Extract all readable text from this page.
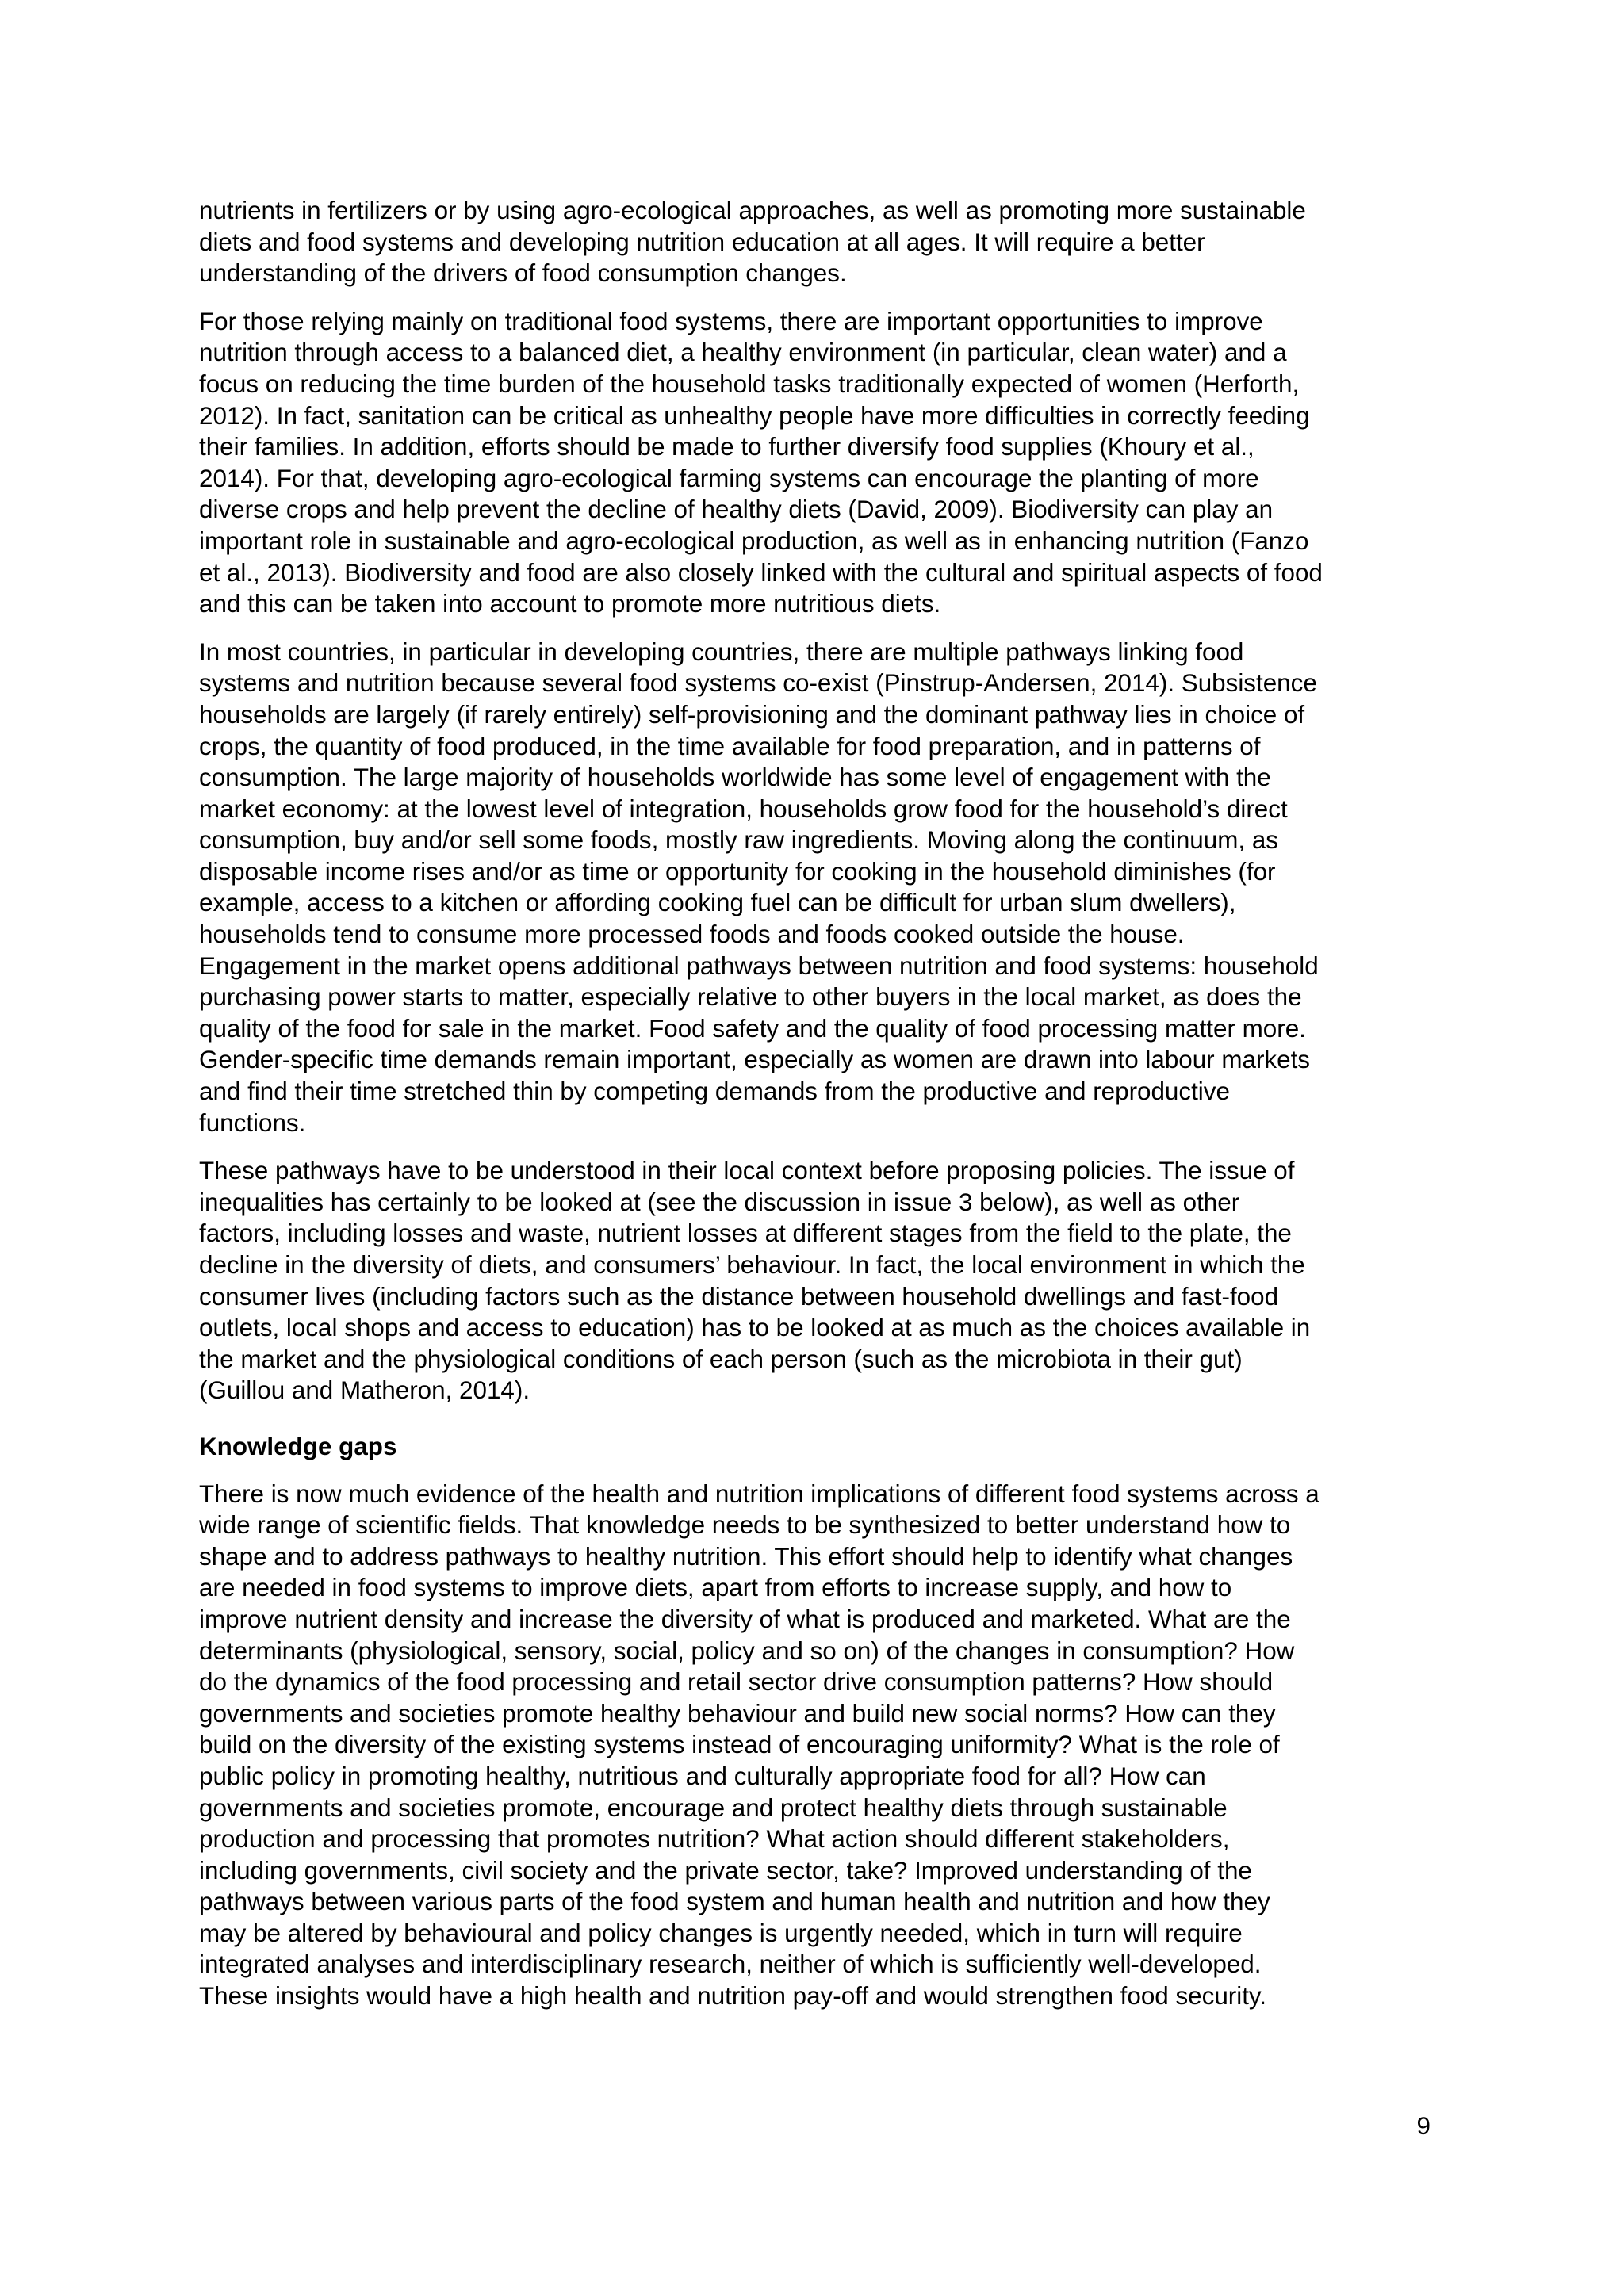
nutrients in fertilizers or by using agro-ecological approaches, as well as promoting more sustainable
diets and food systems and developing nutrition education at all ages. It will require a better
understanding of the drivers of food consumption changes.

For those relying mainly on traditional food systems, there are important opportunities to improve
nutrition through access to a balanced diet, a healthy environment (in particular, clean water) and a
focus on reducing the time burden of the household tasks traditionally expected of women (Herforth,
2012). In fact, sanitation can be critical as unhealthy people have more difficulties in correctly feeding
their families. In addition, efforts should be made to further diversify food supplies (Khoury et al.,
2014). For that, developing agro-ecological farming systems can encourage the planting of more
diverse crops and help prevent the decline of healthy diets (David, 2009). Biodiversity can play an
important role in sustainable and agro-ecological production, as well as in enhancing nutrition (Fanzo
et al., 2013). Biodiversity and food are also closely linked with the cultural and spiritual aspects of food
and this can be taken into account to promote more nutritious diets.

In most countries, in particular in developing countries, there are multiple pathways linking food
systems and nutrition because several food systems co-exist (Pinstrup-Andersen, 2014). Subsistence
households are largely (if rarely entirely) self-provisioning and the dominant pathway lies in choice of
crops, the quantity of food produced, in the time available for food preparation, and in patterns of
consumption. The large majority of households worldwide has some level of engagement with the
market economy: at the lowest level of integration, households grow food for the household’s direct
consumption, buy and/or sell some foods, mostly raw ingredients. Moving along the continuum, as
disposable income rises and/or as time or opportunity for cooking in the household diminishes (for
example, access to a kitchen or affording cooking fuel can be difficult for urban slum dwellers),
households tend to consume more processed foods and foods cooked outside the house.
Engagement in the market opens additional pathways between nutrition and food systems: household
purchasing power starts to matter, especially relative to other buyers in the local market, as does the
quality of the food for sale in the market. Food safety and the quality of food processing matter more.
Gender-specific time demands remain important, especially as women are drawn into labour markets
and find their time stretched thin by competing demands from the productive and reproductive
functions.

These pathways have to be understood in their local context before proposing policies. The issue of
inequalities has certainly to be looked at (see the discussion in issue 3 below), as well as other
factors, including losses and waste, nutrient losses at different stages from the field to the plate, the
decline in the diversity of diets, and consumers’ behaviour. In fact, the local environment in which the
consumer lives (including factors such as the distance between household dwellings and fast-food
outlets, local shops and access to education) has to be looked at as much as the choices available in
the market and the physiological conditions of each person (such as the microbiota in their gut)
(Guillou and Matheron, 2014).

Knowledge gaps

There is now much evidence of the health and nutrition implications of different food systems across a
wide range of scientific fields. That knowledge needs to be synthesized to better understand how to
shape and to address pathways to healthy nutrition. This effort should help to identify what changes
are needed in food systems to improve diets, apart from efforts to increase supply, and how to
improve nutrient density and increase the diversity of what is produced and marketed. What are the
determinants (physiological, sensory, social, policy and so on) of the changes in consumption? How
do the dynamics of the food processing and retail sector drive consumption patterns? How should
governments and societies promote healthy behaviour and build new social norms? How can they
build on the diversity of the existing systems instead of encouraging uniformity? What is the role of
public policy in promoting healthy, nutritious and culturally appropriate food for all? How can
governments and societies promote, encourage and protect healthy diets through sustainable
production and processing that promotes nutrition? What action should different stakeholders,
including governments, civil society and the private sector, take? Improved understanding of the
pathways between various parts of the food system and human health and nutrition and how they
may be altered by behavioural and policy changes is urgently needed, which in turn will require
integrated analyses and interdisciplinary research, neither of which is sufficiently well-developed.
These insights would have a high health and nutrition pay-off and would strengthen food security.

9
